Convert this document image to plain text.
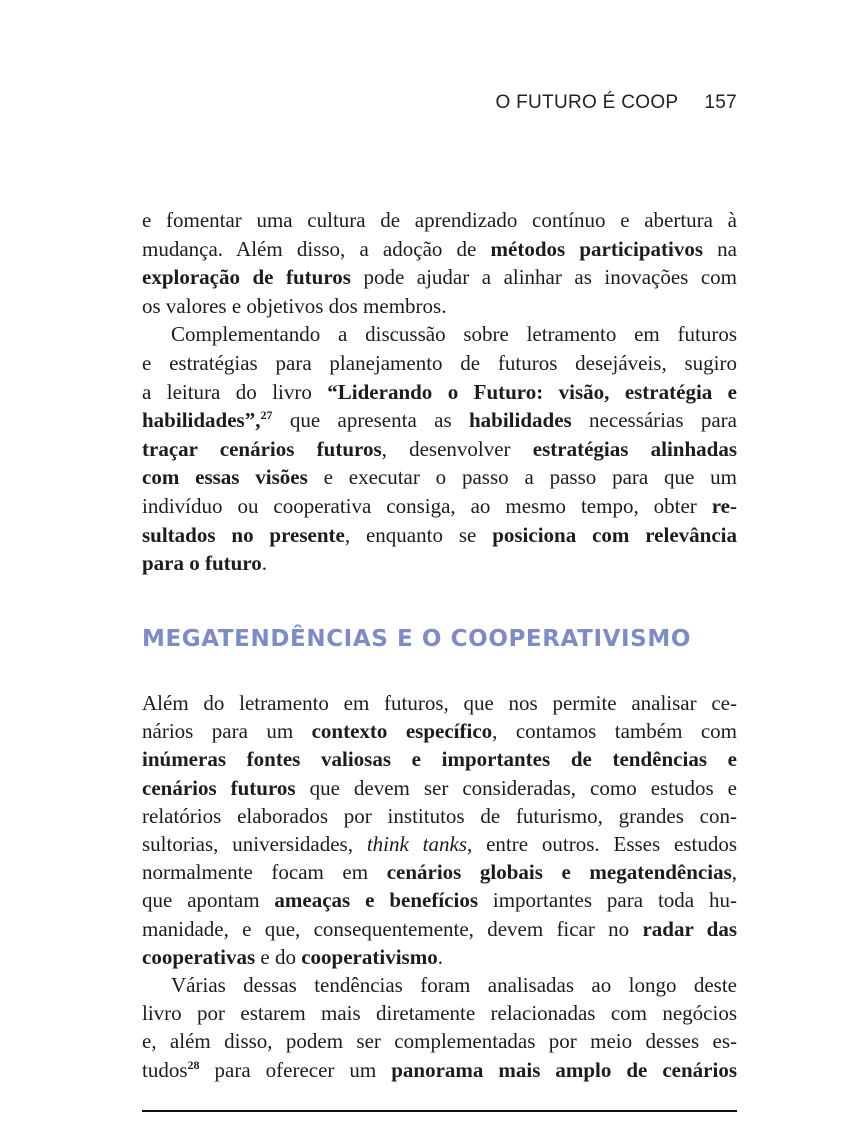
O FUTURO É COOP 157
e fomentar uma cultura de aprendizado contínuo e abertura à
mudança. Além disso, a adoção de métodos participativos na
exploração de futuros pode ajudar a alinhar as inovações com
os valores e objetivos dos membros.
Complementando a discussão sobre letramento em futuros
e estratégias para planejamento de futuros desejáveis, sugiro
a leitura do livro “Liderando o Futuro: visão, estratégia e
habilidades”,$^{27}$ que apresenta as habilidades necessárias para
traçar cenários futuros, desenvolver estratégias alinhadas
com essas visões e executar o passo a passo para que um
indivíduo ou cooperativa consiga, ao mesmo tempo, obter re-
sultados no presente, enquanto se posiciona com relevância
para o futuro.
MEGATENDÊNCIAS E O COOPERATIVISMO
Além do letramento em futuros, que nos permite analisar ce-
nários para um contexto específico, contamos também com
inúmeras fontes valiosas e importantes de tendências e
cenários futuros que devem ser consideradas, como estudos e
relatórios elaborados por institutos de futurismo, grandes con-
sultorias, universidades, think tanks, entre outros. Esses estudos
normalmente focam em cenários globais e megatendências,
que apontam ameaças e benefícios importantes para toda hu-
manidade, e que, consequentemente, devem ficar no radar das
cooperativas e do cooperativismo.
Várias dessas tendências foram analisadas ao longo deste
livro por estarem mais diretamente relacionadas com negócios
e, além disso, podem ser complementadas por meio desses es-
tudos$^{28}$ para oferecer um panorama mais amplo de cenários
